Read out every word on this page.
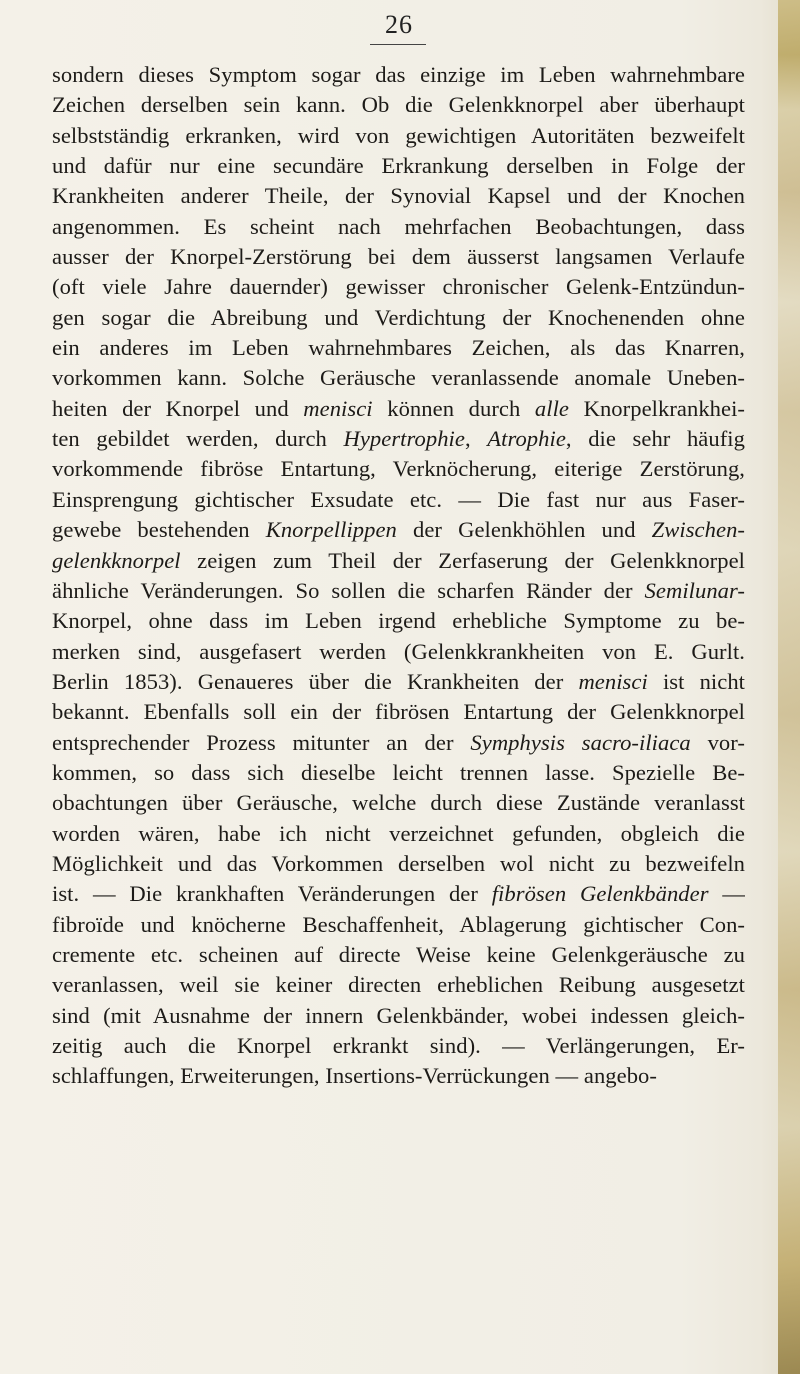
26
sondern dieses Symptom sogar das einzige im Leben wahrnehmbare
Zeichen derselben sein kann. Ob die Gelenkknorpel aber überhaupt
selbstständig erkranken, wird von gewichtigen Autoritäten bezweifelt
und dafür nur eine secundäre Erkrankung derselben in Folge der
Krankheiten anderer Theile, der Synovial Kapsel und der Knochen
angenommen. Es scheint nach mehrfachen Beobachtungen, dass
ausser der Knorpel-Zerstörung bei dem äusserst langsamen Verlaufe
(oft viele Jahre dauernder) gewisser chronischer Gelenk-Entzündun-
gen sogar die Abreibung und Verdichtung der Knochenenden ohne
ein anderes im Leben wahrnehmbares Zeichen, als das Knarren,
vorkommen kann. Solche Geräusche veranlassende anomale Uneben-
heiten der Knorpel und menisci können durch alle Knorpelkrankhei-
ten gebildet werden, durch Hypertrophie, Atrophie, die sehr häufig
vorkommende fibröse Entartung, Verknöcherung, eiterige Zerstörung,
Einsprengung gichtischer Exsudate etc. — Die fast nur aus Faser-
gewebe bestehenden Knorpellippen der Gelenkhöhlen und Zwischen-
gelenkknorpel zeigen zum Theil der Zerfaserung der Gelenkknorpel
ähnliche Veränderungen. So sollen die scharfen Ränder der Semilunar-
Knorpel, ohne dass im Leben irgend erhebliche Symptome zu be-
merken sind, ausgefasert werden (Gelenkkrankheiten von E. Gurlt.
Berlin 1853). Genaueres über die Krankheiten der menisci ist nicht
bekannt. Ebenfalls soll ein der fibrösen Entartung der Gelenkknorpel
entsprechender Prozess mitunter an der Symphysis sacro-iliaca vor-
kommen, so dass sich dieselbe leicht trennen lasse. Spezielle Be-
obachtungen über Geräusche, welche durch diese Zustände veranlasst
worden wären, habe ich nicht verzeichnet gefunden, obgleich die
Möglichkeit und das Vorkommen derselben wol nicht zu bezweifeln
ist. — Die krankhaften Veränderungen der fibrösen Gelenkbänder —
fibroïde und knöcherne Beschaffenheit, Ablagerung gichtischer Con-
cremente etc. scheinen auf directe Weise keine Gelenkgeräusche zu
veranlassen, weil sie keiner directen erheblichen Reibung ausgesetzt
sind (mit Ausnahme der innern Gelenkbänder, wobei indessen gleich-
zeitig auch die Knorpel erkrankt sind). — Verlängerungen, Er-
schlaffungen, Erweiterungen, Insertions-Verrückungen — angebo-
